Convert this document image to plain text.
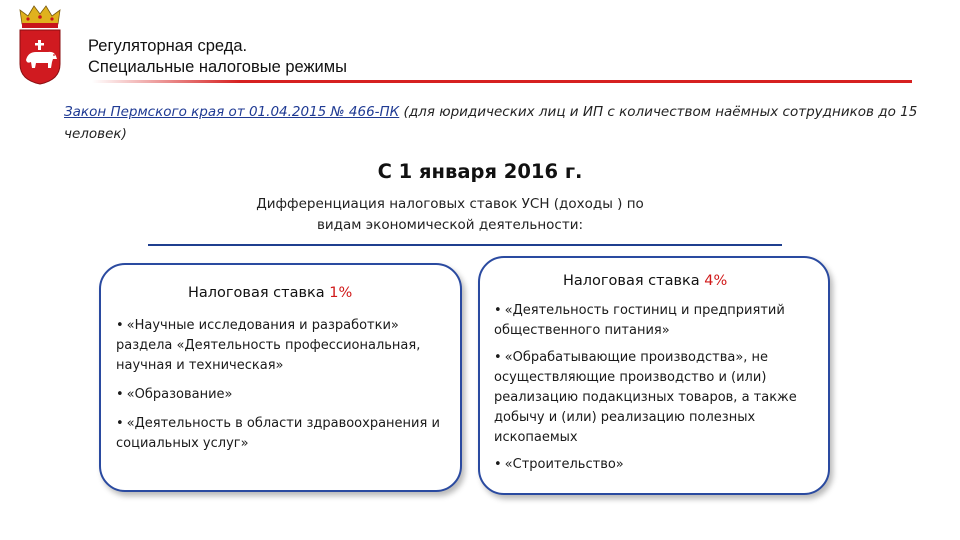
Регуляторная среда.
Специальные налоговые режимы
Закон Пермского края от 01.04.2015 № 466-ПК (для юридических лиц и ИП с количеством наёмных сотрудников до 15 человек)
С 1 января 2016 г.
Дифференциация налоговых ставок УСН (доходы ) по
видам экономической деятельности:
Налоговая ставка 1%
• «Научные исследования и разработки» раздела «Деятельность профессиональная, научная и техническая»
• «Образование»
• «Деятельность в области здравоохранения и социальных услуг»
Налоговая ставка 4%
• «Деятельность гостиниц и предприятий общественного питания»
• «Обрабатывающие производства», не осуществляющие производство и (или) реализацию подакцизных товаров, а также добычу и (или) реализацию полезных ископаемых
• «Строительство»
